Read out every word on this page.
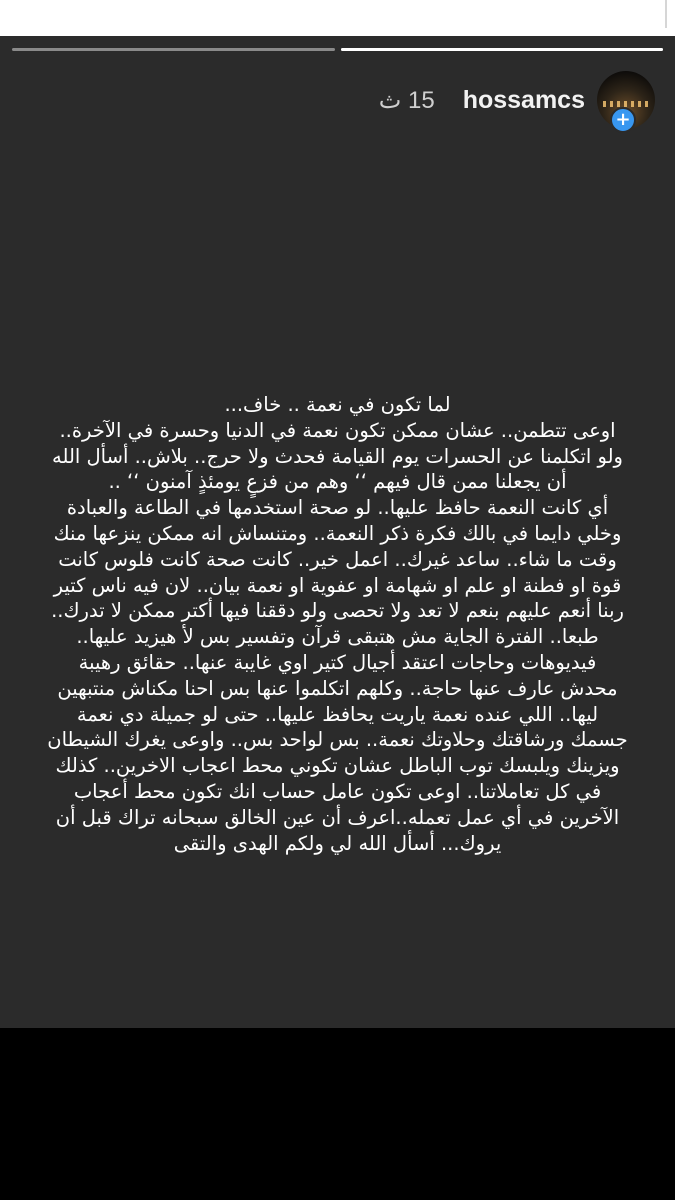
15 ث hossamcs
+
لما تكون في نعمة .. خاف...
اوعى تتطمن.. عشان ممكن تكون نعمة في الدنيا وحسرة في الآخرة..
ولو اتكلمنا عن الحسرات يوم القيامة فحدث ولا حرج.. بلاش.. أسأل الله
أن يجعلنا ممن قال فيهم ‘‘ وهم من فزعٍ يومئذٍ آمنون ‘‘ ..
أي كانت النعمة حافظ عليها.. لو صحة استخدمها في الطاعة والعبادة
وخلي دايما في بالك فكرة ذكر النعمة.. ومتنساش انه ممكن ينزعها منك
وقت ما شاء.. ساعد غيرك.. اعمل خير.. كانت صحة كانت فلوس كانت
قوة او فطنة او علم او شهامة او عفوية او نعمة بيان.. لان فيه ناس كتير
ربنا أنعم عليهم بنعم لا تعد ولا تحصى ولو دققنا فيها أكتر ممكن لا تدرك..
طبعا.. الفترة الجاية مش هتبقى قرآن وتفسير بس لأ هيزيد عليها..
فيديوهات وحاجات اعتقد أجيال كتير اوي غايبة عنها.. حقائق رهيبة
محدش عارف عنها حاجة.. وكلهم اتكلموا عنها بس احنا مكناش منتبهين
ليها.. اللي عنده نعمة ياريت يحافظ عليها.. حتى لو جميلة دي نعمة
جسمك ورشاقتك وحلاوتك نعمة.. بس لواحد بس.. واوعى يغرك الشيطان
ويزينك ويلبسك توب الباطل عشان تكوني محط اعجاب الاخرين.. كذلك
في كل تعاملاتنا.. اوعى تكون عامل حساب انك تكون محط أعجاب
الآخرين في أي عمل تعمله..اعرف أن عين الخالق سبحانه تراك قبل أن
يروك... أسأل الله لي ولكم الهدى والتقى
